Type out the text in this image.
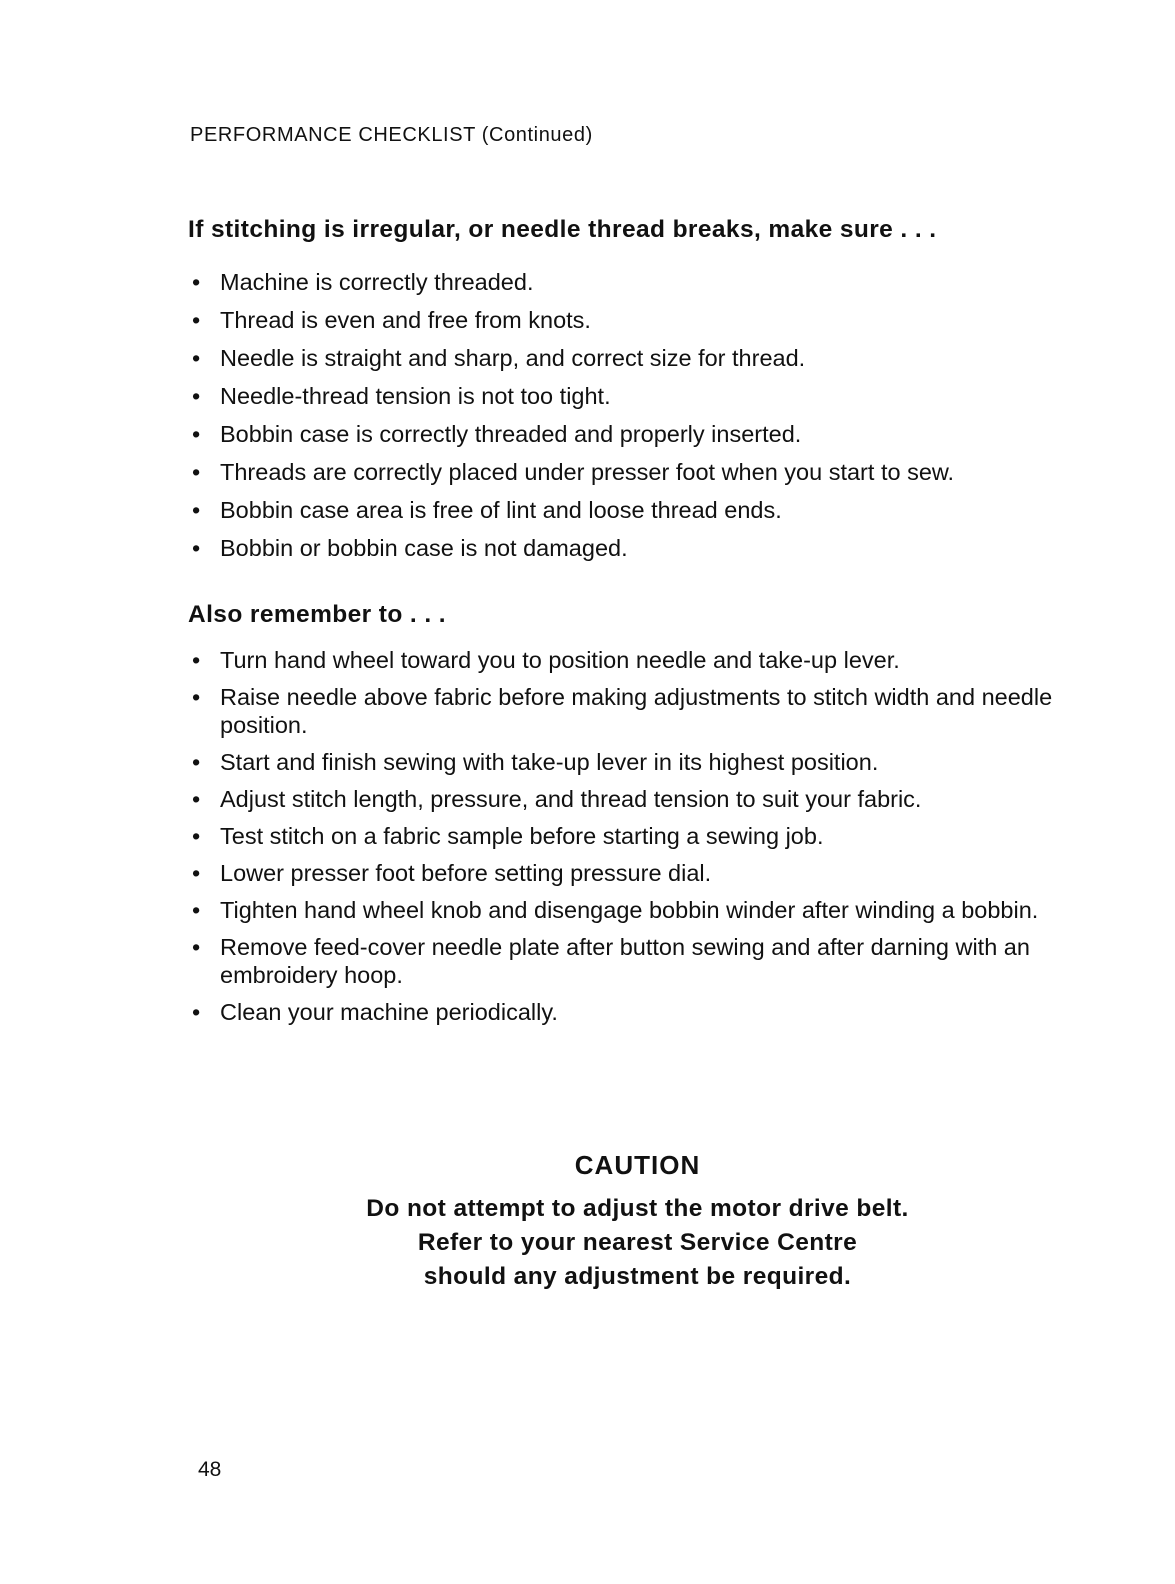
PERFORMANCE CHECKLIST (Continued)
If stitching is irregular, or needle thread breaks, make sure . . .
• Machine is correctly threaded.
• Thread is even and free from knots.
• Needle is straight and sharp, and correct size for thread.
• Needle-thread tension is not too tight.
• Bobbin case is correctly threaded and properly inserted.
• Threads are correctly placed under presser foot when you start to sew.
• Bobbin case area is free of lint and loose thread ends.
• Bobbin or bobbin case is not damaged.
Also remember to . . .
• Turn hand wheel toward you to position needle and take-up lever.
• Raise needle above fabric before making adjustments to stitch width and needle position.
• Start and finish sewing with take-up lever in its highest position.
• Adjust stitch length, pressure, and thread tension to suit your fabric.
• Test stitch on a fabric sample before starting a sewing job.
• Lower presser foot before setting pressure dial.
• Tighten hand wheel knob and disengage bobbin winder after winding a bobbin.
• Remove feed-cover needle plate after button sewing and after darning with an embroidery hoop.
• Clean your machine periodically.
CAUTION
Do not attempt to adjust the motor drive belt.
Refer to your nearest Service Centre
should any adjustment be required.
48
